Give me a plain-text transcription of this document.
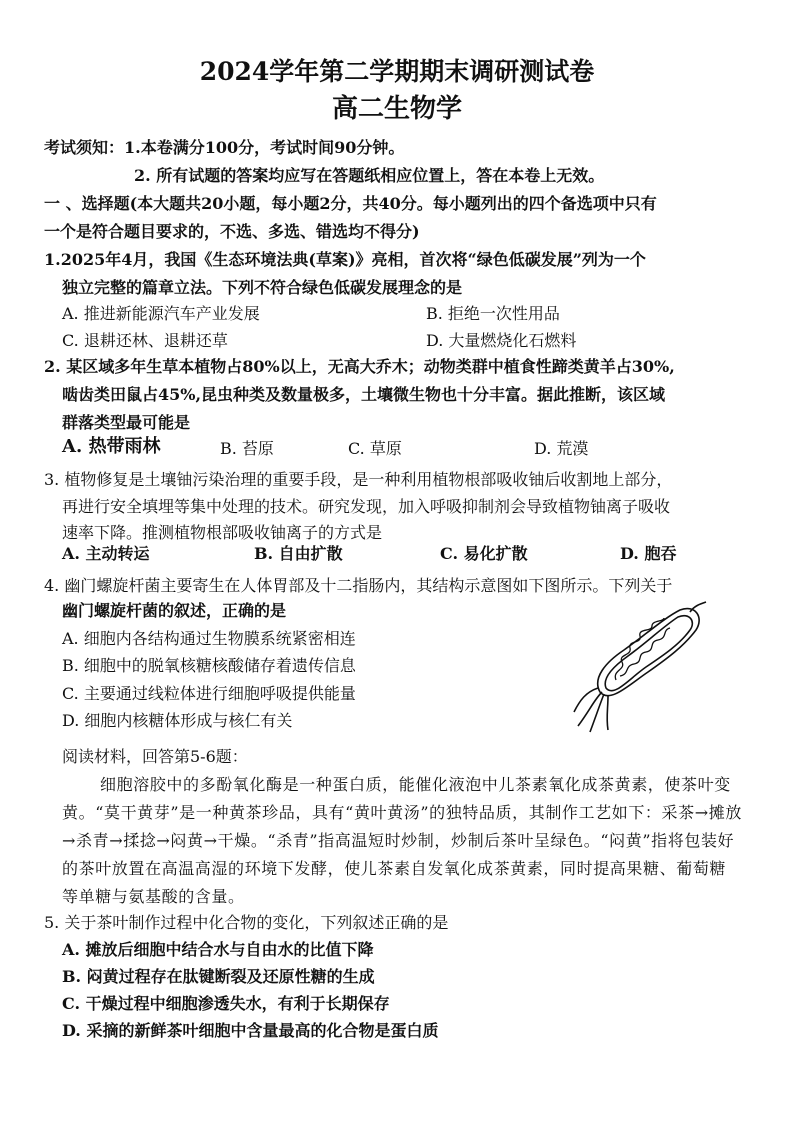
2024学年第二学期期末调研测试卷
高二生物学
考试须知：1.本卷满分100分，考试时间90分钟。
2. 所有试题的答案均应写在答题纸相应位置上，答在本卷上无效。
一 、选择题(本大题共20小题，每小题2分，共40分。每小题列出的四个备选项中只有
一个是符合题目要求的，不选、多选、错选均不得分)
1.2025年4月，我国《生态环境法典(草案)》亮相，首次将“绿色低碳发展”列为一个
独立完整的篇章立法。下列不符合绿色低碳发展理念的是
A. 推进新能源汽车产业发展	B. 拒绝一次性用品
C. 退耕还林、退耕还草	D. 大量燃烧化石燃料
2. 某区域多年生草本植物占80%以上，无高大乔木；动物类群中植食性蹄类黄羊占30%,
啮齿类田鼠占45%,昆虫种类及数量极多，土壤微生物也十分丰富。据此推断，该区域
群落类型最可能是
A. 热带雨林	B. 苔原	C. 草原	D. 荒漠
3. 植物修复是土壤铀污染治理的重要手段，是一种利用植物根部吸收铀后收割地上部分，
再进行安全填埋等集中处理的技术。研究发现，加入呼吸抑制剂会导致植物铀离子吸收
速率下降。推测植物根部吸收铀离子的方式是
A. 主动转运	B. 自由扩散	C. 易化扩散	D. 胞吞
4. 幽门螺旋杆菌主要寄生在人体胃部及十二指肠内，其结构示意图如下图所示。下列关于
幽门螺旋杆菌的叙述，正确的是
A. 细胞内各结构通过生物膜系统紧密相连
B. 细胞中的脱氧核糖核酸储存着遗传信息
C. 主要通过线粒体进行细胞呼吸提供能量
D. 细胞内核糖体形成与核仁有关
阅读材料，回答第5-6题：
细胞溶胶中的多酚氧化酶是一种蛋白质，能催化液泡中儿茶素氧化成茶黄素，使茶叶变黄。“莫干黄芽”是一种黄茶珍品，具有“黄叶黄汤”的独特品质，其制作工艺如下：采茶→摊放→杀青→揉捻→闷黄→干燥。“杀青”指高温短时炒制，炒制后茶叶呈绿色。“闷黄”指将包装好的茶叶放置在高温高湿的环境下发酵，使儿茶素自发氧化成茶黄素，同时提高果糖、葡萄糖等单糖与氨基酸的含量。
5. 关于茶叶制作过程中化合物的变化，下列叙述正确的是
A. 摊放后细胞中结合水与自由水的比值下降
B. 闷黄过程存在肽键断裂及还原性糖的生成
C. 干燥过程中细胞渗透失水，有利于长期保存
D. 采摘的新鲜茶叶细胞中含量最高的化合物是蛋白质
